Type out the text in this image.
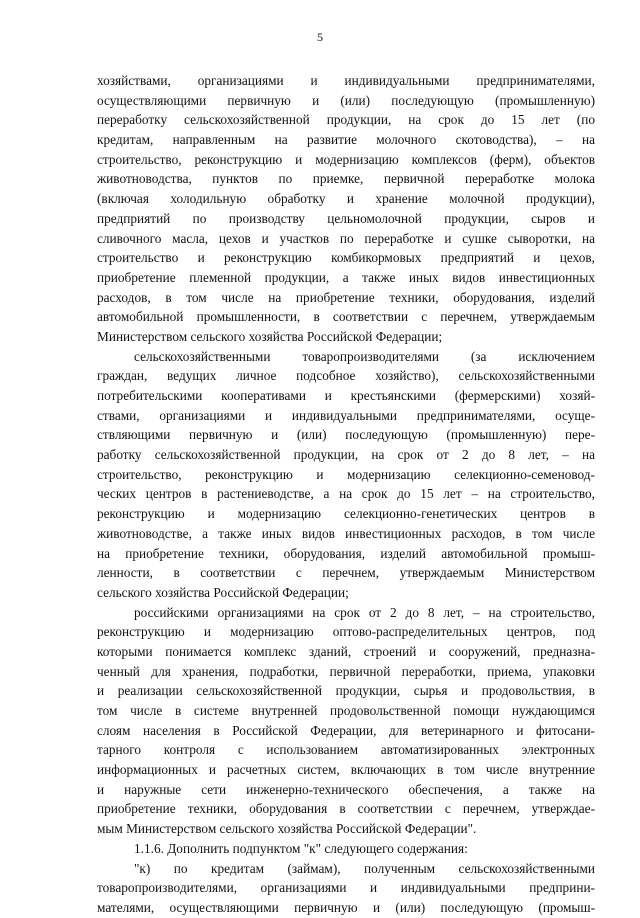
5
хозяйствами, организациями и индивидуальными предпринимателями,
осуществляющими первичную и (или) последующую (промышленную)
переработку сельскохозяйственной продукции, на срок до 15 лет (по
кредитам, направленным на развитие молочного скотоводства), – на
строительство, реконструкцию и модернизацию комплексов (ферм), объектов
животноводства, пунктов по приемке, первичной переработке молока
(включая холодильную обработку и хранение молочной продукции),
предприятий по производству цельномолочной продукции, сыров и
сливочного масла, цехов и участков по переработке и сушке сыворотки, на
строительство и реконструкцию комбикормовых предприятий и цехов,
приобретение племенной продукции, а также иных видов инвестиционных
расходов, в том числе на приобретение техники, оборудования, изделий
автомобильной промышленности, в соответствии с перечнем, утверждаемым
Министерством сельского хозяйства Российской Федерации;
сельскохозяйственными товаропроизводителями (за исключением
граждан, ведущих личное подсобное хозяйство), сельскохозяйственными
потребительскими кооперативами и крестьянскими (фермерскими) хозяй-
ствами, организациями и индивидуальными предпринимателями, осуще-
ствляющими первичную и (или) последующую (промышленную) пере-
работку сельскохозяйственной продукции, на срок от 2 до 8 лет, – на
строительство, реконструкцию и модернизацию селекционно-семеновод-
ческих центров в растениеводстве, а на срок до 15 лет – на строительство,
реконструкцию и модернизацию селекционно-генетических центров в
животноводстве, а также иных видов инвестиционных расходов, в том числе
на приобретение техники, оборудования, изделий автомобильной промыш-
ленности, в соответствии с перечнем, утверждаемым Министерством
сельского хозяйства Российской Федерации;
российскими организациями на срок от 2 до 8 лет, – на строительство,
реконструкцию и модернизацию оптово-распределительных центров, под
которыми понимается комплекс зданий, строений и сооружений, предназна-
ченный для хранения, подработки, первичной переработки, приема, упаковки
и реализации сельскохозяйственной продукции, сырья и продовольствия, в
том числе в системе внутренней продовольственной помощи нуждающимся
слоям населения в Российской Федерации, для ветеринарного и фитосани-
тарного контроля с использованием автоматизированных электронных
информационных и расчетных систем, включающих в том числе внутренние
и наружные сети инженерно-технического обеспечения, а также на
приобретение техники, оборудования в соответствии с перечнем, утверждае-
мым Министерством сельского хозяйства Российской Федерации".
1.1.6. Дополнить подпунктом "к" следующего содержания:
"к) по кредитам (займам), полученным сельскохозяйственными
товаропроизводителями, организациями и индивидуальными предприни-
мателями, осуществляющими первичную и (или) последующую (промыш-
